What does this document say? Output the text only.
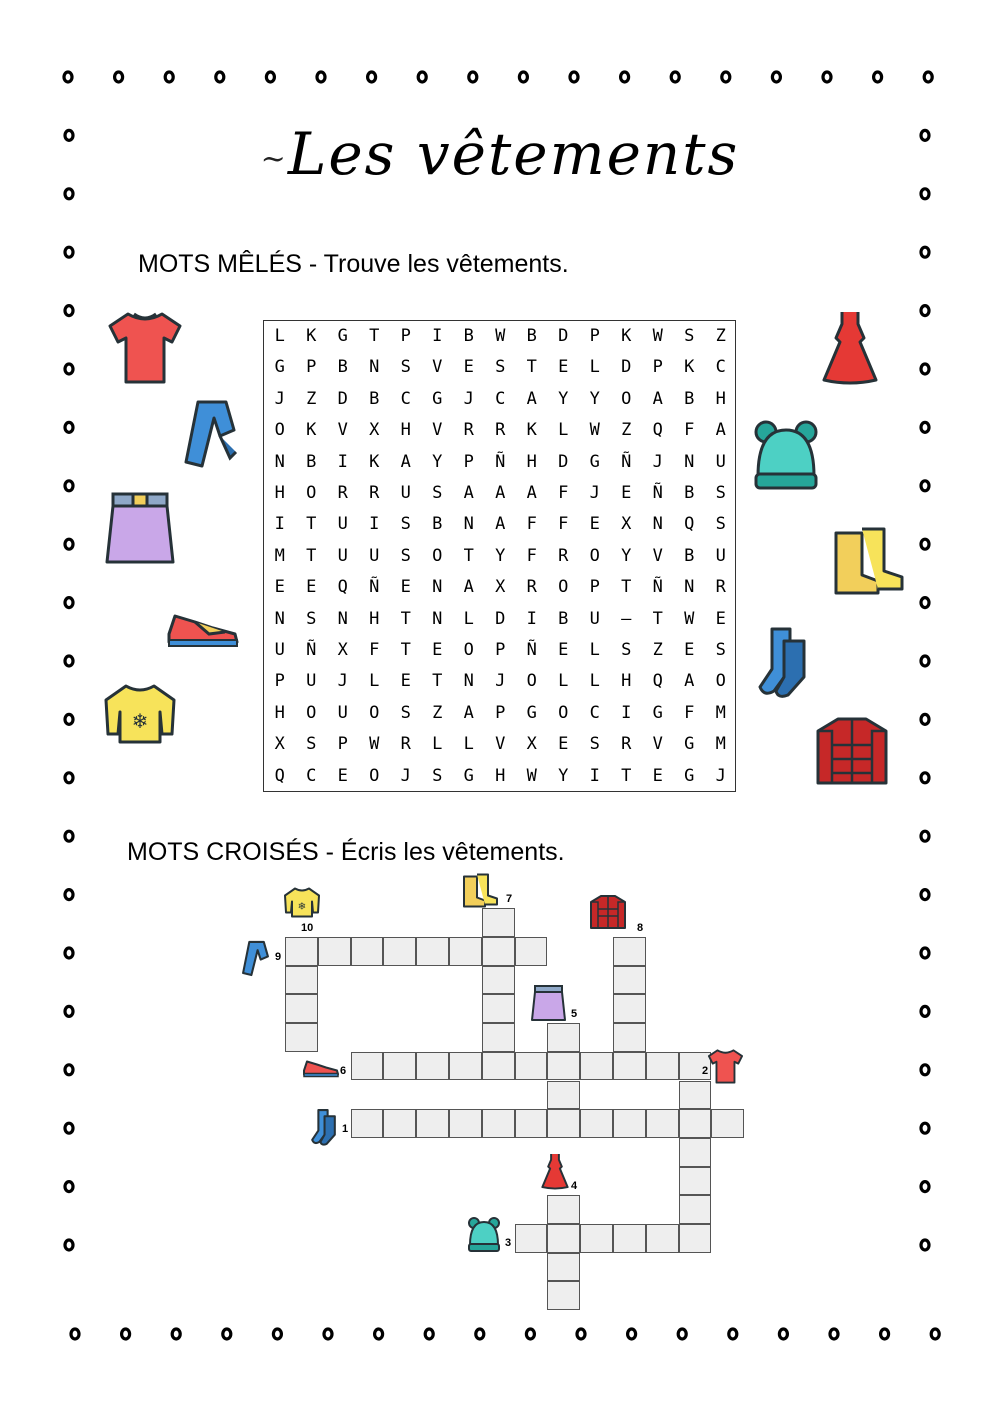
~Les vêtements
MOTS MÊLÉS - Trouve les vêtements.
MOTS CROISÉS - Écris les vêtements.
L	K	G	T	P	I	B	W	B	D	P	K	W	S	Z
G	P	B	N	S	V	E	S	T	E	L	D	P	K	C
J	Z	D	B	C	G	J	C	A	Y	Y	O	A	B	H
O	K	V	X	H	V	R	R	K	L	W	Z	Q	F	A
N	B	I	K	A	Y	P	Ñ	H	D	G	Ñ	J	N	U
H	O	R	R	U	S	A	A	A	F	J	E	Ñ	B	S
I	T	U	I	S	B	N	A	F	F	E	X	N	Q	S
M	T	U	U	S	O	T	Y	F	R	O	Y	V	B	U
E	E	Q	Ñ	E	N	A	X	R	O	P	T	Ñ	N	R
N	S	N	H	T	N	L	D	I	B	U	–	T	W	E
U	Ñ	X	F	T	E	O	P	Ñ	E	L	S	Z	E	S
P	U	J	L	E	T	N	J	O	L	L	H	Q	A	O
H	O	U	O	S	Z	A	P	G	O	C	I	G	F	M
X	S	P	W	R	L	L	V	X	E	S	R	V	G	M
Q	C	E	O	J	S	G	H	W	Y	I	T	E	G	J
❄
❄
10
7
8
9
5
6	2
1
4
3
